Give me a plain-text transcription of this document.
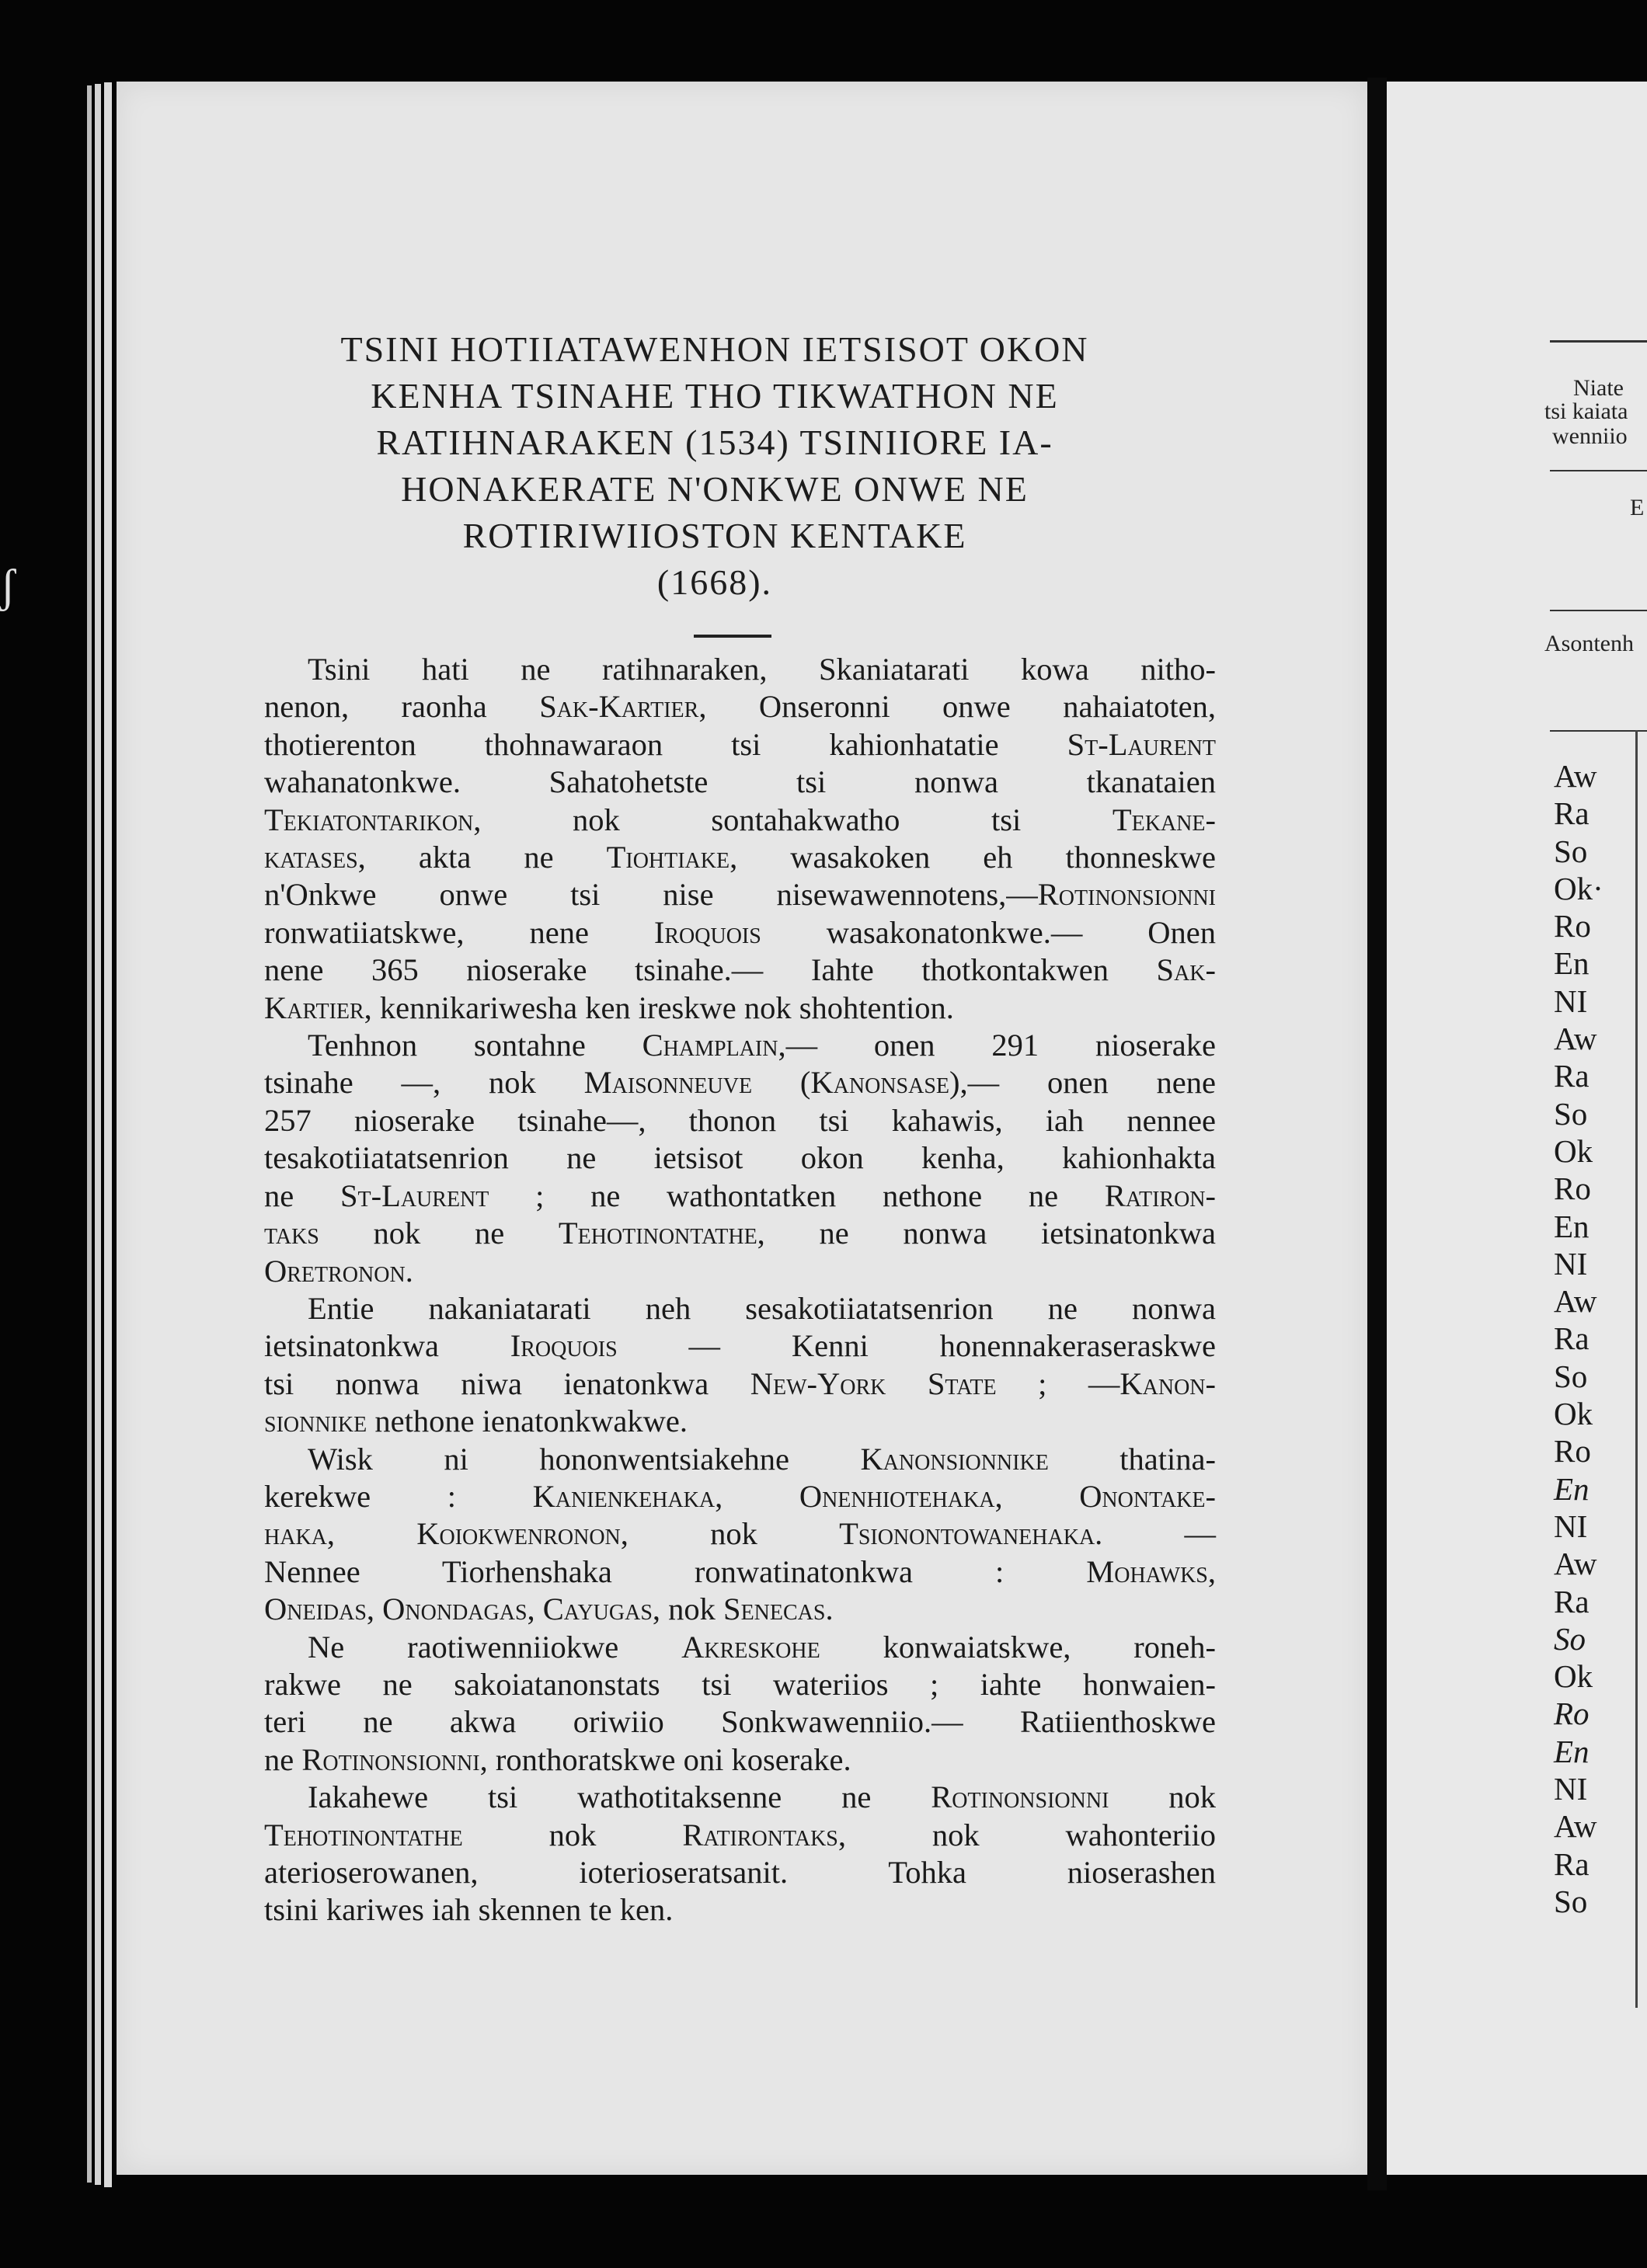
ʃ
TSINI HOTIIATAWENHON IETSISOT OKON
KENHA TSINAHE THO TIKWATHON NE
RATIHNARAKEN (1534) TSINIIORE IA-
HONAKERATE N'ONKWE ONWE NE
ROTIRIWIIOSTON KENTAKE
(1668).
Tsini hati ne ratihnaraken, Skaniatarati kowa nitho-
nenon, raonha Sak-Kartier, Onseronni onwe nahaiatoten,
thotierenton thohnawaraon tsi kahionhatatie St-Laurent
wahanatonkwe. Sahatohetste tsi nonwa tkanataien
Tekiatontarikon, nok sontahakwatho tsi Tekane-
katases, akta ne Tiohtiake, wasakoken eh thonneskwe
n'Onkwe onwe tsi nise nisewawennotens,—Rotinonsionni
ronwatiiatskwe, nene Iroquois wasakonatonkwe.— Onen
nene 365 nioserake tsinahe.— Iahte thotkontakwen Sak-
Kartier, kennikariwesha ken ireskwe nok shohtention.
Tenhnon sontahne Champlain,— onen 291 nioserake
tsinahe —, nok Maisonneuve (Kanonsase),— onen nene
257 nioserake tsinahe—, thonon tsi kahawis, iah nennee
tesakotiiatatsenrion ne ietsisot okon kenha, kahionhakta
ne St-Laurent ; ne wathontatken nethone ne Ratiron-
taks nok ne Tehotinontathe, ne nonwa ietsinatonkwa
Oretronon.
Entie nakaniatarati neh sesakotiiatatsenrion ne nonwa
ietsinatonkwa Iroquois — Kenni honennakeraseraskwe
tsi nonwa niwa ienatonkwa New-York State ; —Kanon-
sionnike nethone ienatonkwakwe.
Wisk ni hononwentsiakehne Kanonsionnike thatina-
kerekwe : Kanienkehaka, Onenhiotehaka, Onontake-
haka, Koiokwenronon, nok Tsionontowanehaka. —
Nennee Tiorhenshaka ronwatinatonkwa : Mohawks,
Oneidas, Onondagas, Cayugas, nok Senecas.
Ne raotiwenniiokwe Akreskohe konwaiatskwe, roneh-
rakwe ne sakoiatanonstats tsi wateriios ; iahte honwaien-
teri ne akwa oriwiio Sonkwawenniio.— Ratiienthoskwe
ne Rotinonsionni, ronthoratskwe oni koserake.
Iakahewe tsi wathotitaksenne ne Rotinonsionni nok
Tehotinontathe nok Ratirontaks, nok wahonteriio
aterioserowanen, ioterioseratsanit. Tohka nioserashen
tsini kariwes iah skennen te ken.
Niate
tsi kaiata
wenniio
E
Asontenh
Aw
Ra
So
Ok·
Ro
En
NI
Aw
Ra
So
Ok
Ro
En
NI
Aw
Ra
So
Ok
Ro
En
NI
Aw
Ra
So
Ok
Ro
En
NI
Aw
Ra
So
